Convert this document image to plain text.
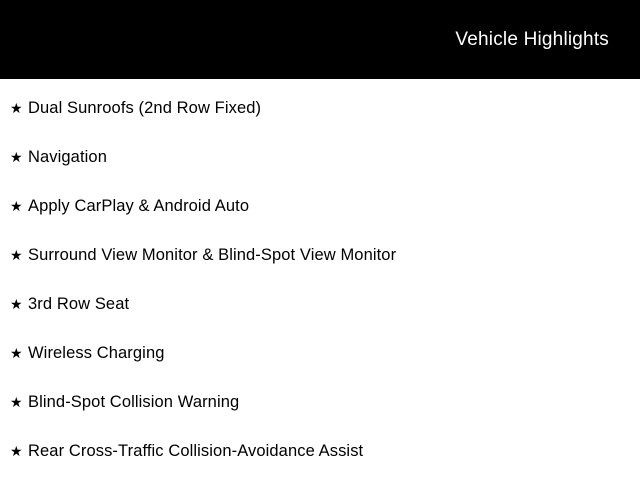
Vehicle Highlights
★ Dual Sunroofs (2nd Row Fixed)
★ Navigation
★ Apply CarPlay & Android Auto
★ Surround View Monitor & Blind-Spot View Monitor
★ 3rd Row Seat
★ Wireless Charging
★ Blind-Spot Collision Warning
★ Rear Cross-Traffic Collision-Avoidance Assist
